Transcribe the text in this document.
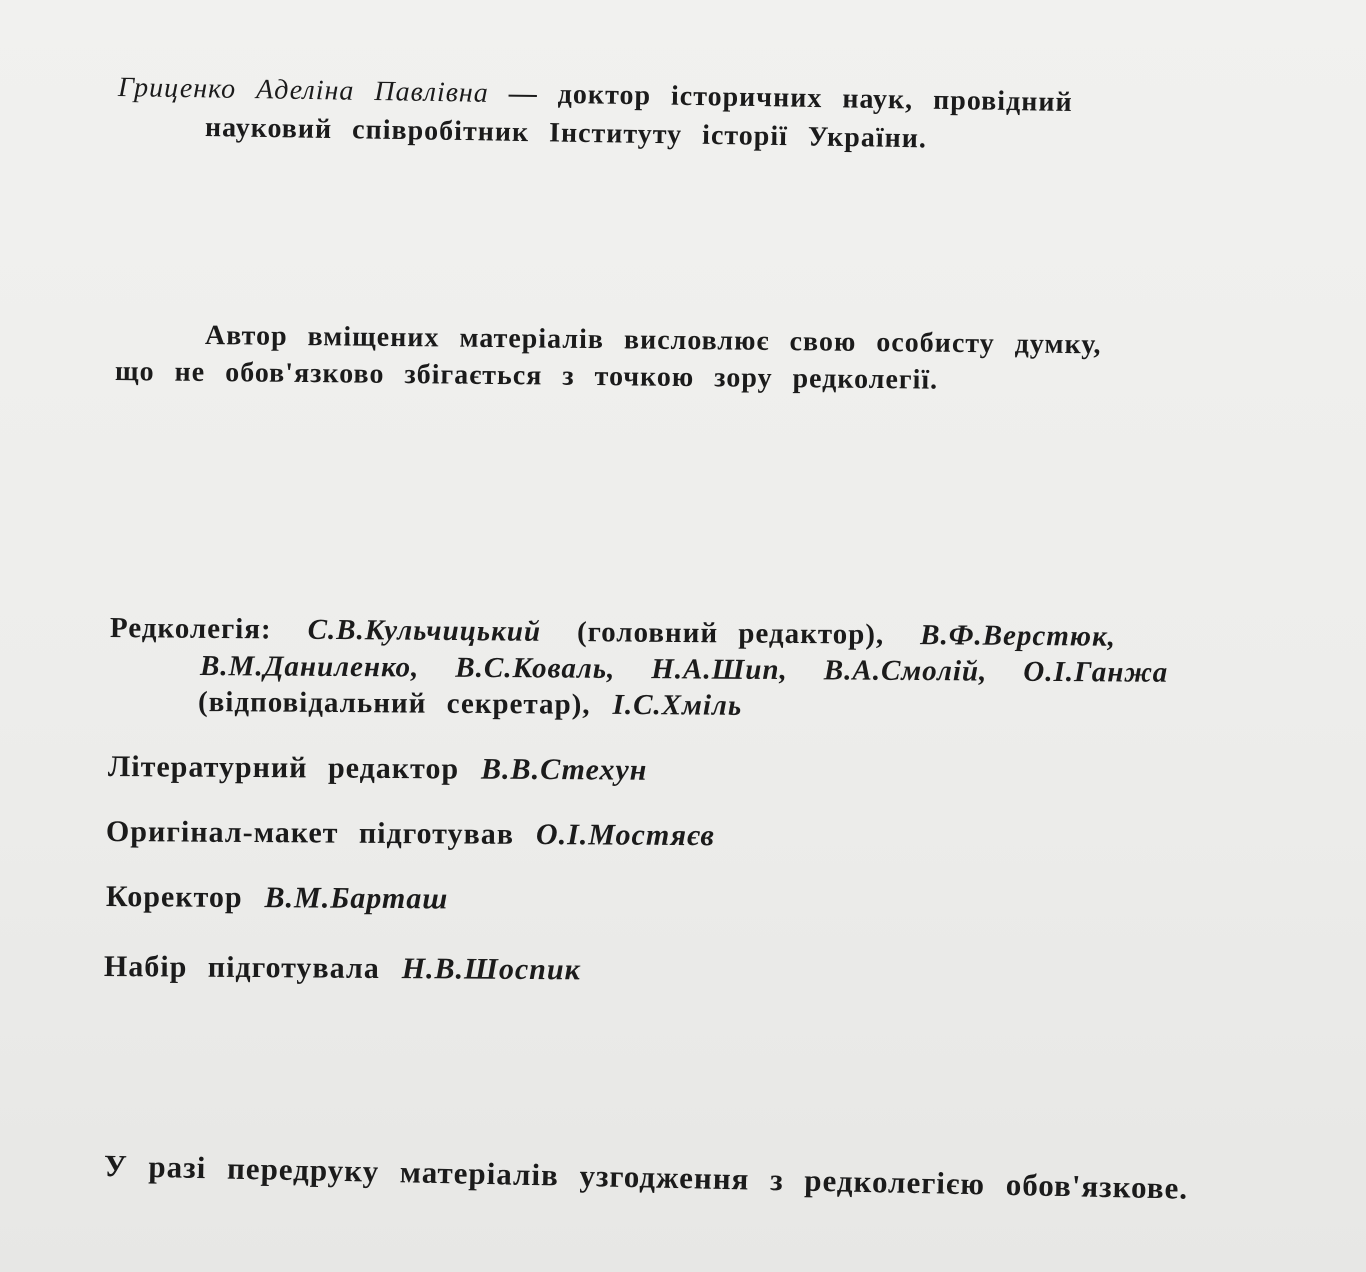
Гриценко Аделіна Павлівна — доктор історичних наук, провідний
науковий співробітник Інституту історії України.
Автор вміщених матеріалів висловлює свою особисту думку,
що не обов'язково збігається з точкою зору редколегії.
Редколегія: С.В.Кульчицький (головний редактор), В.Ф.Верстюк,
В.М.Даниленко, В.С.Коваль, Н.А.Шип, В.А.Смолій, О.І.Ганжа
(відповідальний секретар), І.С.Хміль
Літературний редактор В.В.Стехун
Оригінал-макет підготував О.І.Мостяєв
Коректор В.М.Барташ
Набір підготувала Н.В.Шоспик
У разі передруку матеріалів узгодження з редколегією обов'язкове.
